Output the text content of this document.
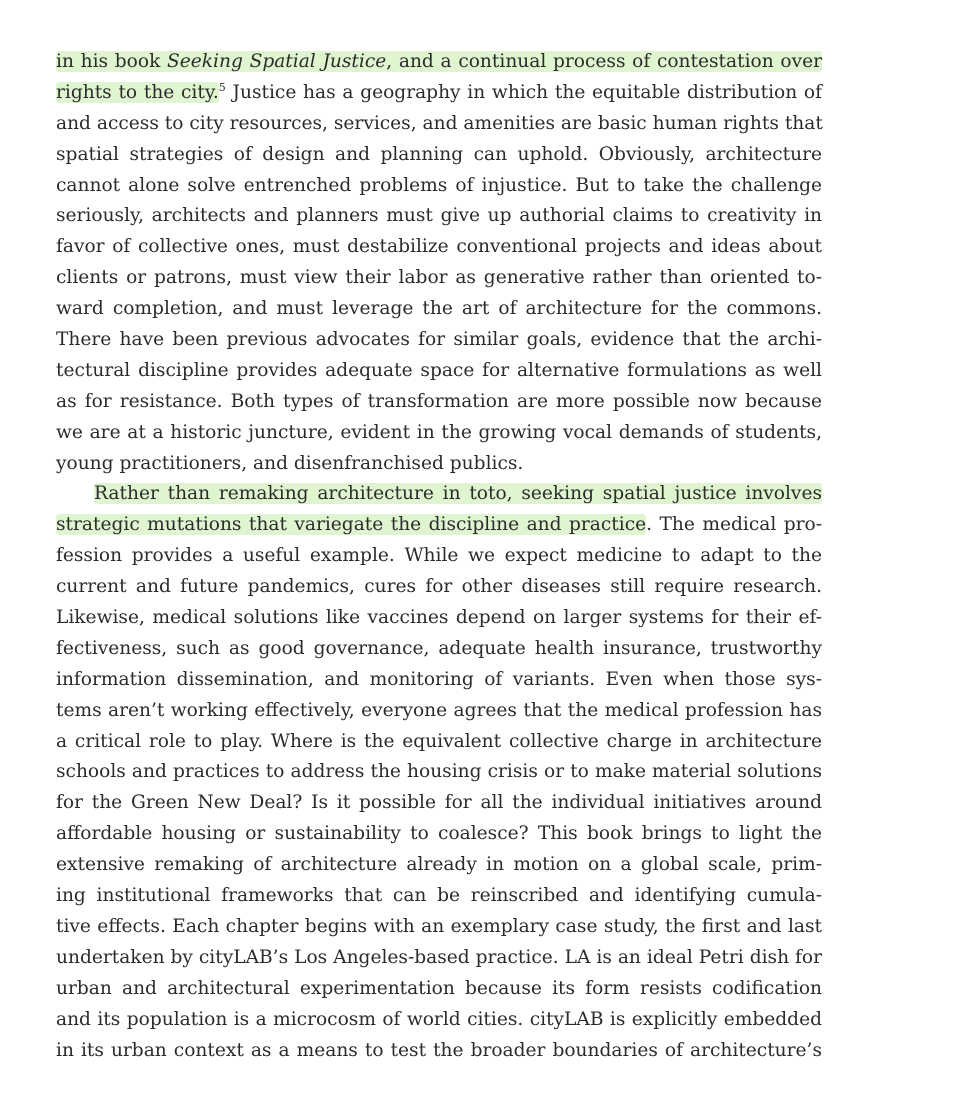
in his book Seeking Spatial Justice, and a continual process of contestation over
rights to the city.$^5$ Justice has a geography in which the equitable distribution of
and access to city resources, services, and amenities are basic human rights that
spatial strategies of design and planning can uphold. Obviously, architecture
cannot alone solve entrenched problems of injustice. But to take the challenge
seriously, architects and planners must give up authorial claims to creativity in
favor of collective ones, must destabilize conventional projects and ideas about
clients or patrons, must view their labor as generative rather than oriented to-
ward completion, and must leverage the art of architecture for the commons.
There have been previous advocates for similar goals, evidence that the archi-
tectural discipline provides adequate space for alternative formulations as well
as for resistance. Both types of transformation are more possible now because
we are at a historic juncture, evident in the growing vocal demands of students,
young practitioners, and disenfranchised publics.
Rather than remaking architecture in toto, seeking spatial justice involves
strategic mutations that variegate the discipline and practice. The medical pro-
fession provides a useful example. While we expect medicine to adapt to the
current and future pandemics, cures for other diseases still require research.
Likewise, medical solutions like vaccines depend on larger systems for their ef-
fectiveness, such as good governance, adequate health insurance, trustworthy
information dissemination, and monitoring of variants. Even when those sys-
tems aren’t working effectively, everyone agrees that the medical profession has
a critical role to play. Where is the equivalent collective charge in architecture
schools and practices to address the housing crisis or to make material solutions
for the Green New Deal? Is it possible for all the individual initiatives around
affordable housing or sustainability to coalesce? This book brings to light the
extensive remaking of architecture already in motion on a global scale, prim-
ing institutional frameworks that can be reinscribed and identifying cumula-
tive effects. Each chapter begins with an exemplary case study, the first and last
undertaken by cityLAB’s Los Angeles-based practice. LA is an ideal Petri dish for
urban and architectural experimentation because its form resists codification
and its population is a microcosm of world cities. cityLAB is explicitly embedded
in its urban context as a means to test the broader boundaries of architecture’s
